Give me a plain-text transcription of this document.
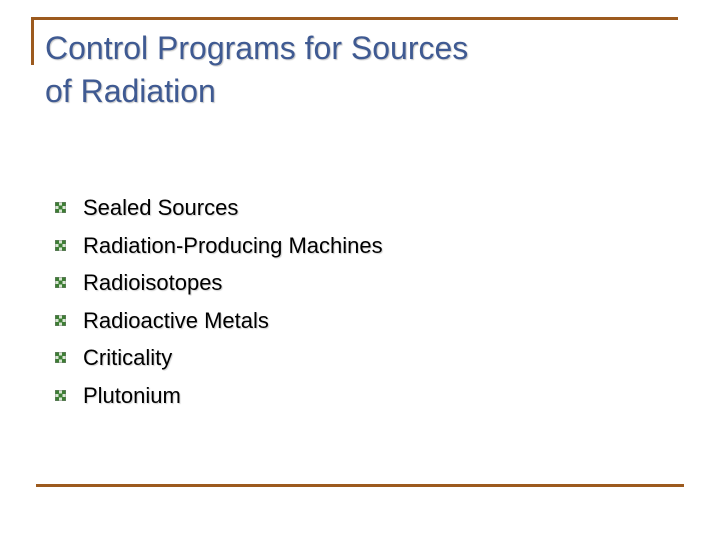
Control Programs for Sources
of Radiation
Sealed Sources
Radiation-Producing Machines
Radioisotopes
Radioactive Metals
Criticality
Plutonium
